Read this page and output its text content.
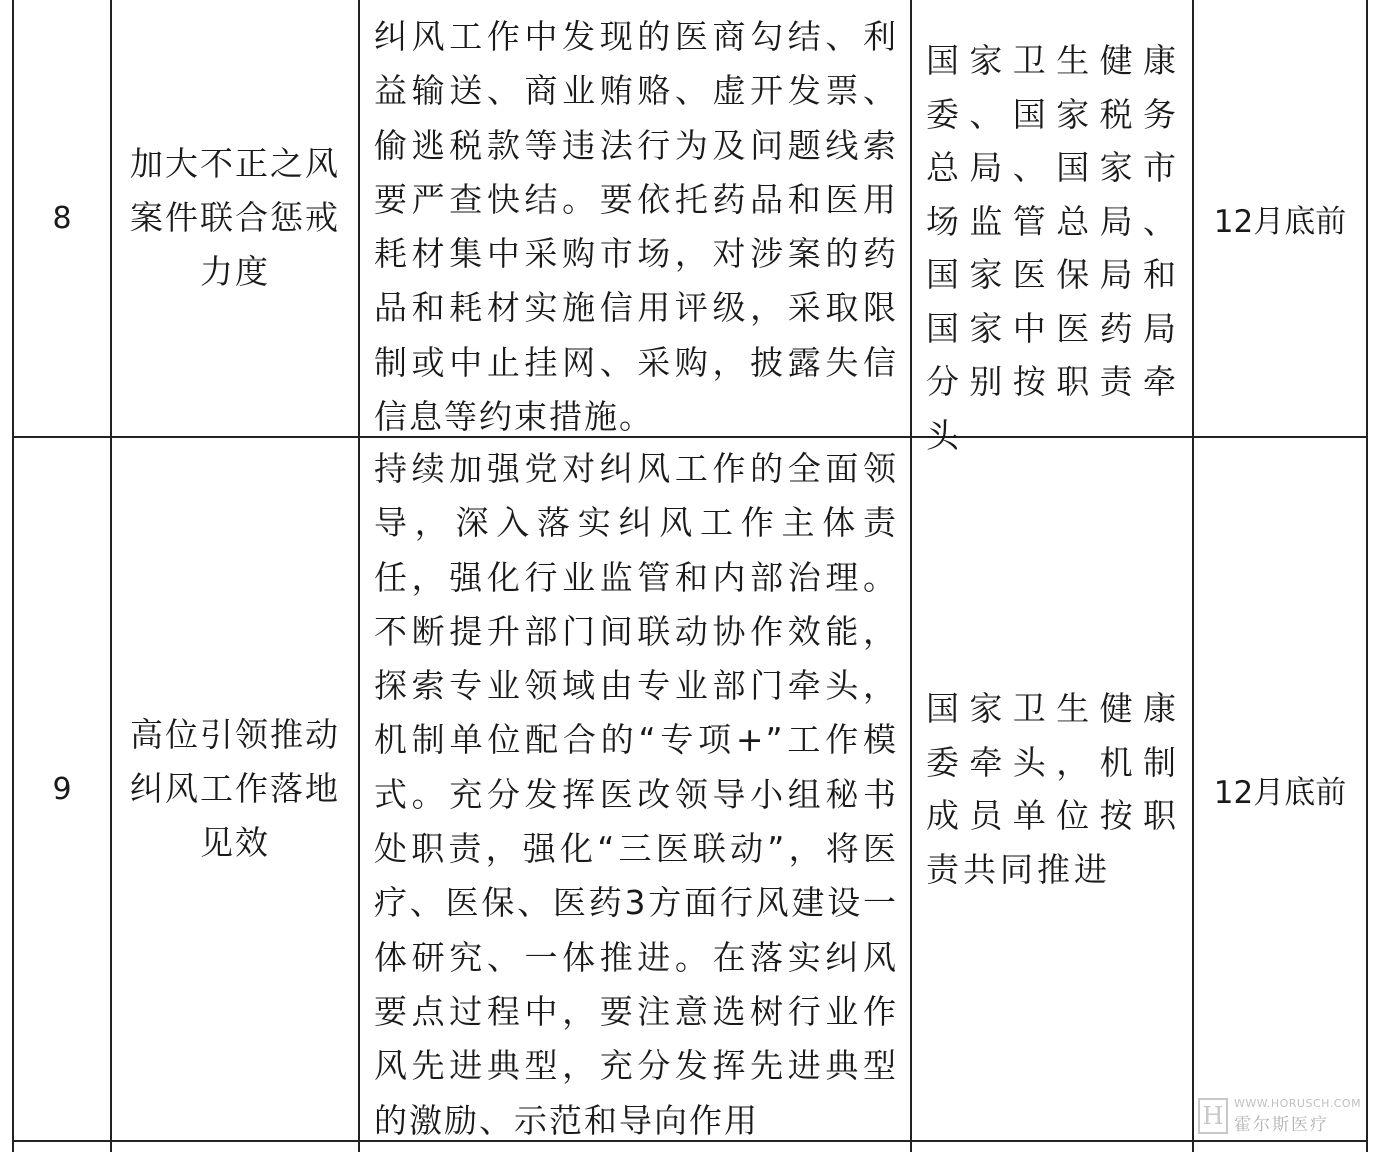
8
加大不正之风案件联合惩戒力度
纠风工作中发现的医商勾结、利益输送、商业贿赂、虚开发票、偷逃税款等违法行为及问题线索要严查快结。要依托药品和医用耗材集中采购市场，对涉案的药品和耗材实施信用评级，采取限制或中止挂网、采购，披露失信信息等约束措施。
国家卫生健康委、国家税务总局、国家市场监管总局、国家医保局和国家中医药局分别按职责牵头
12月底前
9
高位引领推动纠风工作落地见效
持续加强党对纠风工作的全面领导，深入落实纠风工作主体责任，强化行业监管和内部治理。不断提升部门间联动协作效能，探索专业领域由专业部门牵头，机制单位配合的“专项+”工作模式。充分发挥医改领导小组秘书处职责，强化“三医联动”，将医疗、医保、医药3方面行风建设一体研究、一体推进。在落实纠风要点过程中，要注意选树行业作风先进典型，充分发挥先进典型的激励、示范和导向作用
国家卫生健康委牵头，机制成员单位按职责共同推进
12月底前
H WWW.HORUSCH.COM
霍尔斯医疗
